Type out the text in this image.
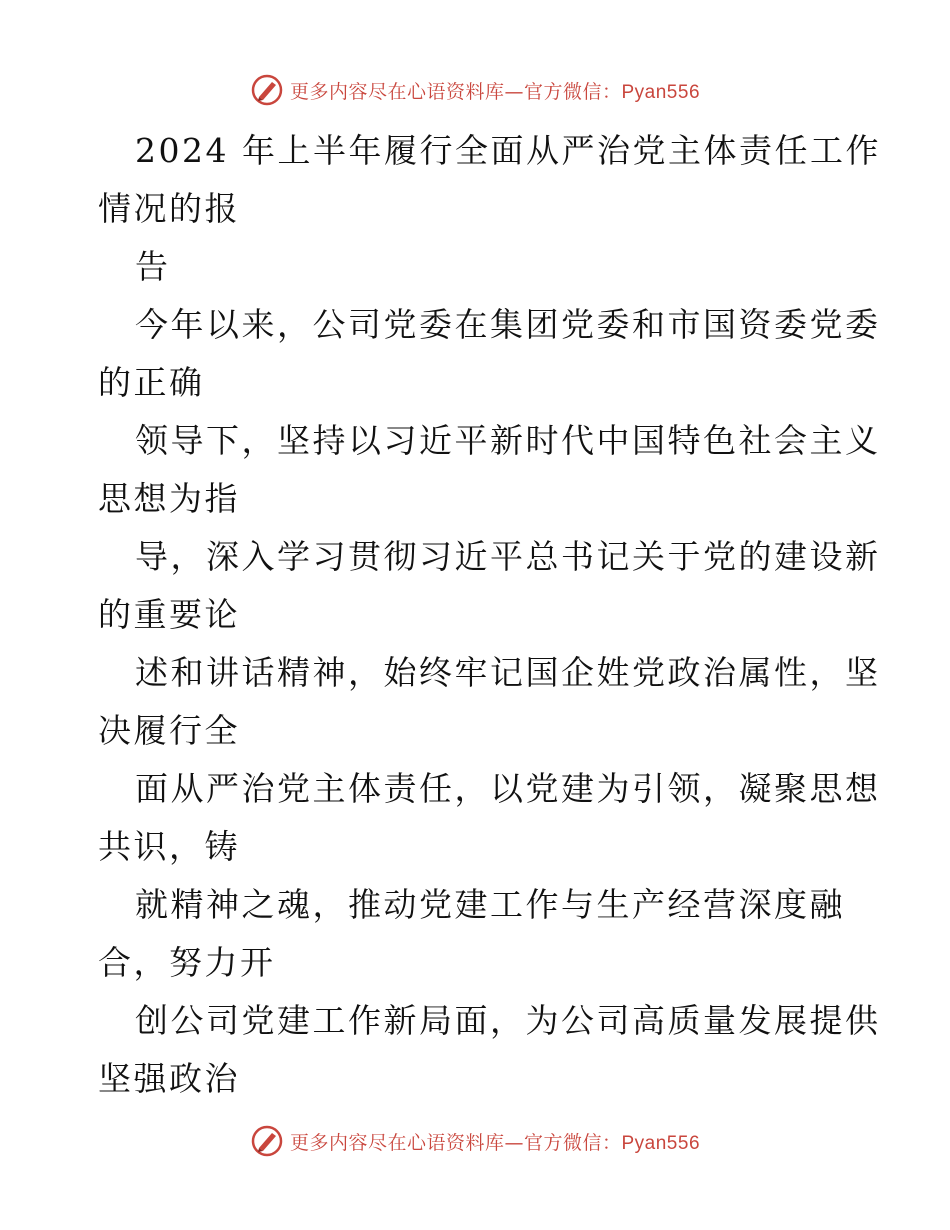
更多内容尽在心语资料库—官方微信：Pyan556
2024 年上半年履行全面从严治党主体责任工作
情况的报
告
今年以来，公司党委在集团党委和市国资委党委
的正确
领导下，坚持以习近平新时代中国特色社会主义
思想为指
导，深入学习贯彻习近平总书记关于党的建设新
的重要论
述和讲话精神，始终牢记国企姓党政治属性，坚
决履行全
面从严治党主体责任，以党建为引领，凝聚思想
共识，铸
就精神之魂，推动党建工作与生产经营深度融
合，努力开
创公司党建工作新局面，为公司高质量发展提供
坚强政治
更多内容尽在心语资料库—官方微信：Pyan556
